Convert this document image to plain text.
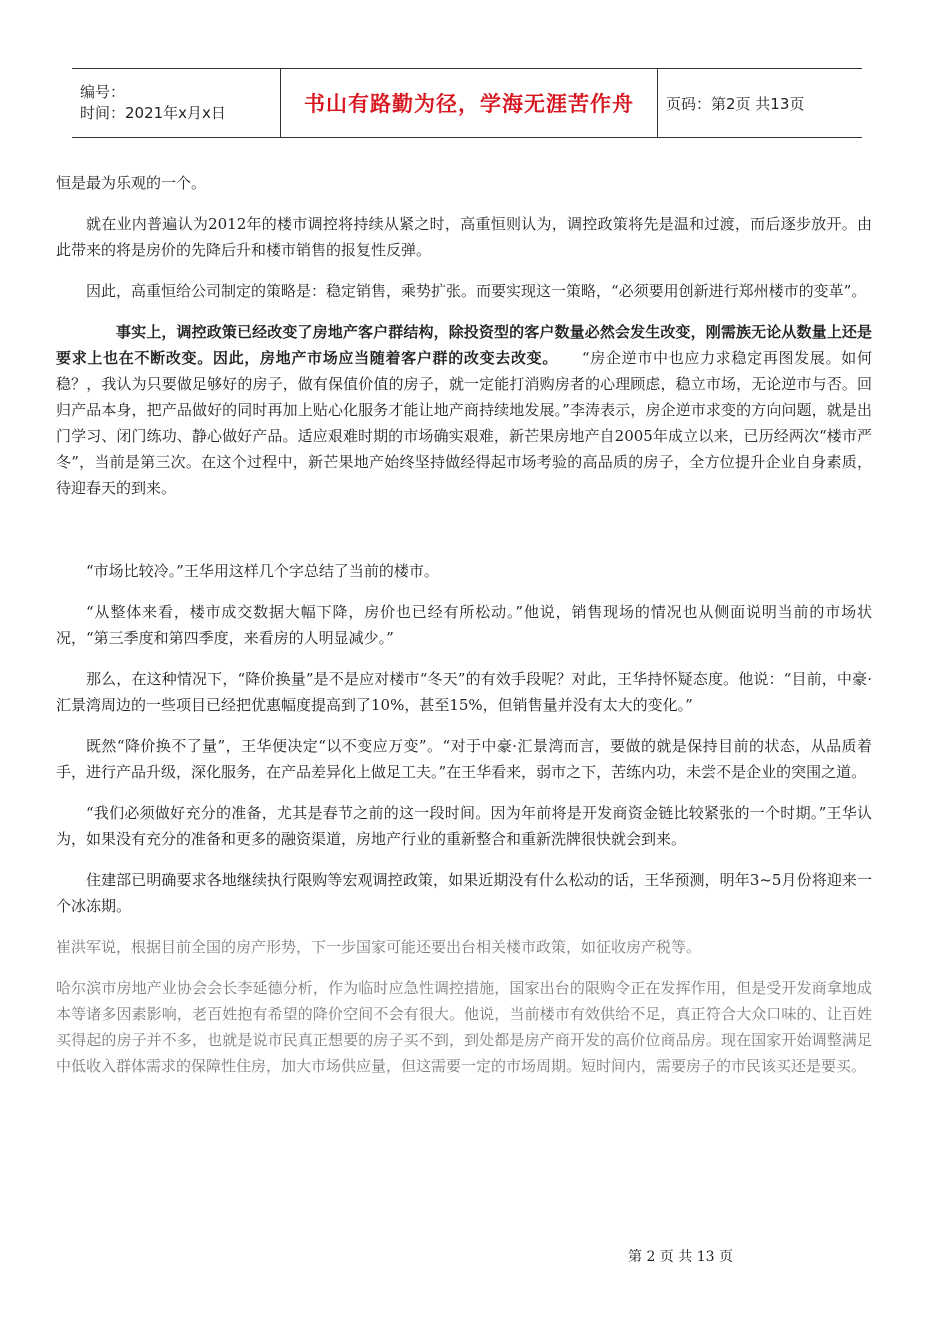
编号：
时间：2021年x月x日	书山有路勤为径，学海无涯苦作舟	页码：第2页 共13页

恒是最为乐观的一个。

就在业内普遍认为2012年的楼市调控将持续从紧之时，高重恒则认为，调控政策将先是温和过渡，而后逐步放开。由此带来的将是房价的先降后升和楼市销售的报复性反弹。

因此，高重恒给公司制定的策略是：稳定销售，乘势扩张。而要实现这一策略，“必须要用创新进行郑州楼市的变革”。

事实上，调控政策已经改变了房地产客户群结构，除投资型的客户数量必然会发生改变，刚需族无论从数量上还是要求上也在不断改变。因此，房地产市场应当随着客户群的改变去改变。　　“房企逆市中也应力求稳定再图发展。如何稳？，我认为只要做足够好的房子，做有保值价值的房子，就一定能打消购房者的心理顾虑，稳立市场，无论逆市与否。回归产品本身，把产品做好的同时再加上贴心化服务才能让地产商持续地发展。”李涛表示，房企逆市求变的方向问题，就是出门学习、闭门练功、静心做好产品。适应艰难时期的市场确实艰难，新芒果房地产自2005年成立以来，已历经两次“楼市严冬”，当前是第三次。在这个过程中，新芒果地产始终坚持做经得起市场考验的高品质的房子，全方位提升企业自身素质，待迎春天的到来。

“市场比较冷。”王华用这样几个字总结了当前的楼市。

“从整体来看，楼市成交数据大幅下降，房价也已经有所松动。”他说，销售现场的情况也从侧面说明当前的市场状况，“第三季度和第四季度，来看房的人明显减少。”

那么，在这种情况下，“降价换量”是不是应对楼市“冬天”的有效手段呢？对此，王华持怀疑态度。他说：“目前，中豪·汇景湾周边的一些项目已经把优惠幅度提高到了10%，甚至15%，但销售量并没有太大的变化。”

既然“降价换不了量”，王华便决定“以不变应万变”。“对于中豪·汇景湾而言，要做的就是保持目前的状态，从品质着手，进行产品升级，深化服务，在产品差异化上做足工夫。”在王华看来，弱市之下，苦练内功，未尝不是企业的突围之道。

“我们必须做好充分的准备，尤其是春节之前的这一段时间。因为年前将是开发商资金链比较紧张的一个时期。”王华认为，如果没有充分的准备和更多的融资渠道，房地产行业的重新整合和重新洗牌很快就会到来。

住建部已明确要求各地继续执行限购等宏观调控政策，如果近期没有什么松动的话，王华预测，明年3~5月份将迎来一个冰冻期。

崔洪军说，根据目前全国的房产形势，下一步国家可能还要出台相关楼市政策，如征收房产税等。

哈尔滨市房地产业协会会长李延德分析，作为临时应急性调控措施，国家出台的限购令正在发挥作用，但是受开发商拿地成本等诸多因素影响，老百姓抱有希望的降价空间不会有很大。他说，当前楼市有效供给不足，真正符合大众口味的、让百姓买得起的房子并不多，也就是说市民真正想要的房子买不到，到处都是房产商开发的高价位商品房。现在国家开始调整满足中低收入群体需求的保障性住房，加大市场供应量，但这需要一定的市场周期。短时间内，需要房子的市民该买还是要买。

第 2 页 共 13 页
